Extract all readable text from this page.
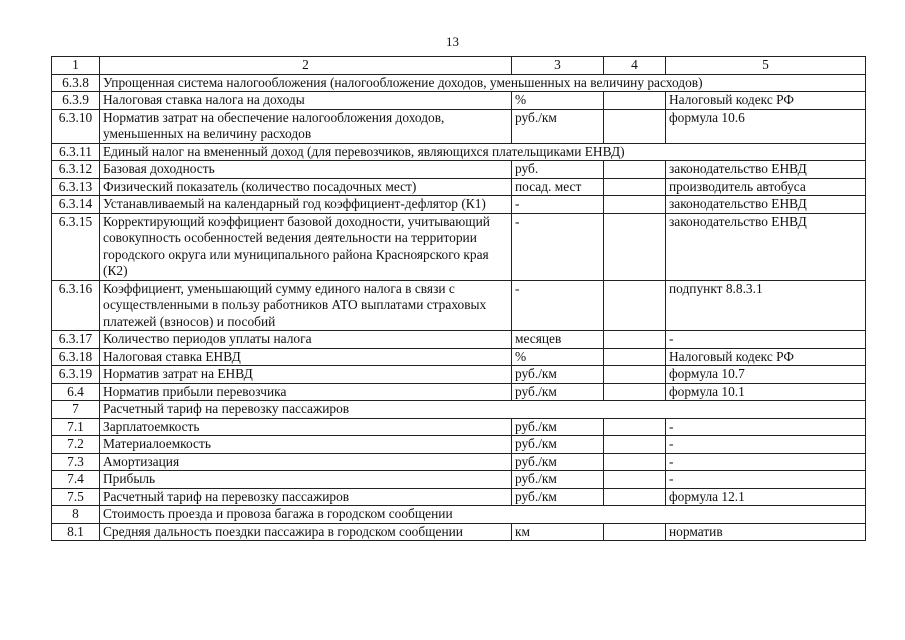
13
1	2	3	4	5
6.3.8	Упрощенная система налогообложения (налогообложение доходов, уменьшенных на величину расходов)			
6.3.9	Налоговая ставка налога на доходы	%		Налоговый кодекс РФ
6.3.10	Норматив затрат на обеспечение налогообложения доходов, уменьшенных на величину расходов	руб./км		формула 10.6
6.3.11	Единый налог на вмененный доход (для перевозчиков, являющихся плательщиками ЕНВД)			
6.3.12	Базовая доходность	руб.		законодательство ЕНВД
6.3.13	Физический показатель (количество посадочных мест)	посад. мест		производитель автобуса
6.3.14	Устанавливаемый на календарный год коэффициент-дефлятор (К1)	-		законодательство ЕНВД
6.3.15	Корректирующий коэффициент базовой доходности, учитывающий совокупность особенностей ведения деятельности на территории городского округа или муниципального района Красноярского края (К2)	-		законодательство ЕНВД
6.3.16	Коэффициент, уменьшающий сумму единого налога в связи с осуществленными в пользу работников АТО выплатами страховых платежей (взносов) и пособий	-		подпункт 8.8.3.1
6.3.17	Количество периодов уплаты налога	месяцев		-
6.3.18	Налоговая ставка ЕНВД	%		Налоговый кодекс РФ
6.3.19	Норматив затрат на ЕНВД	руб./км		формула 10.7
6.4	Норматив прибыли перевозчика	руб./км		формула 10.1
7	Расчетный тариф на перевозку пассажиров			
7.1	Зарплатоемкость	руб./км		-
7.2	Материалоемкость	руб./км		-
7.3	Амортизация	руб./км		-
7.4	Прибыль	руб./км		-
7.5	Расчетный тариф на перевозку пассажиров	руб./км		формула 12.1
8	Стоимость проезда и провоза багажа в городском сообщении			
8.1	Средняя дальность поездки пассажира в городском сообщении	км		норматив
